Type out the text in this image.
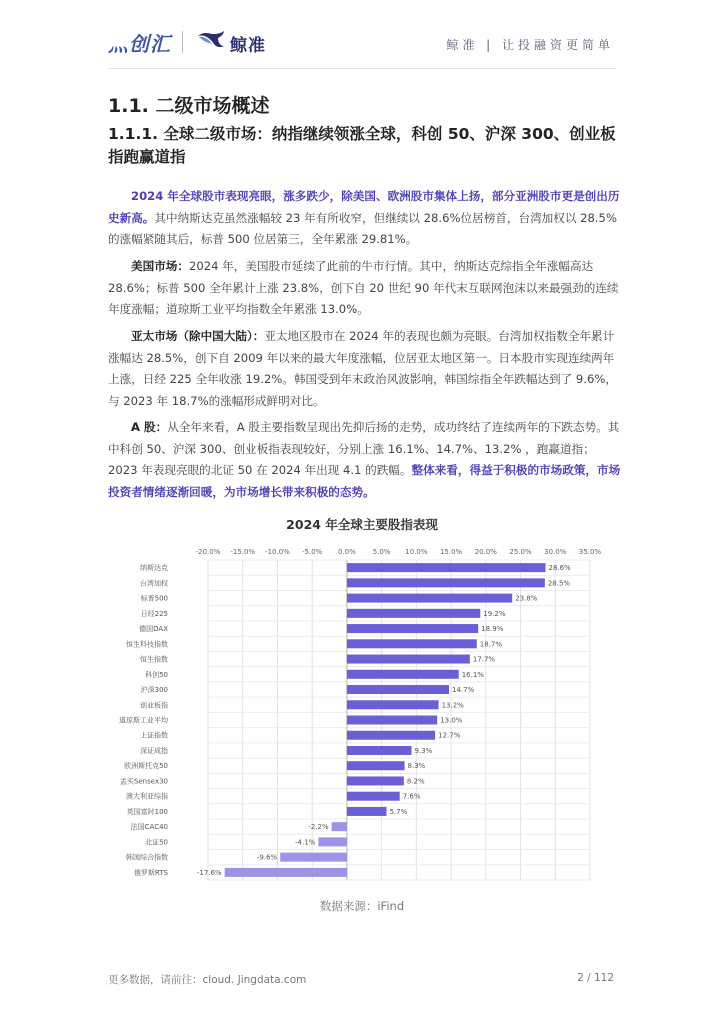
灬创汇	鲸准	鲸准 | 让投融资更简单
1.1. 二级市场概述
1.1.1. 全球二级市场：纳指继续领涨全球，科创 50、沪深 300、创业板指跑赢道指
2024 年全球股市表现亮眼，涨多跌少，除美国、欧洲股市集体上扬，部分亚洲股市更是创出历史新高。其中纳斯达克虽然涨幅较 23 年有所收窄，但继续以 28.6%位居榜首，台湾加权以 28.5%的涨幅紧随其后，标普 500 位居第三，全年累涨 29.81%。
美国市场：2024 年，美国股市延续了此前的牛市行情。其中，纳斯达克综指全年涨幅高达 28.6%；标普 500 全年累计上涨 23.8%，创下自 20 世纪 90 年代末互联网泡沫以来最强劲的连续年度涨幅；道琼斯工业平均指数全年累涨 13.0%。
亚太市场（除中国大陆）：亚太地区股市在 2024 年的表现也颇为亮眼。台湾加权指数全年累计涨幅达 28.5%，创下自 2009 年以来的最大年度涨幅，位居亚太地区第一。日本股市实现连续两年上涨，日经 225 全年收涨 19.2%。韩国受到年末政治风波影响，韩国综指全年跌幅达到了 9.6%，与 2023 年 18.7%的涨幅形成鲜明对比。
A 股：从全年来看，A 股主要指数呈现出先抑后扬的走势，成功终结了连续两年的下跌态势。其中科创 50、沪深 300、创业板指表现较好，分别上涨 16.1%、14.7%、13.2% ，跑赢道指；2023 年表现亮眼的北证 50 在 2024 年出现 4.1 的跌幅。整体来看，得益于积极的市场政策，市场投资者情绪逐渐回暖，为市场增长带来积极的态势。
2024 年全球主要股指表现
-20.0% -15.0% -10.0% -5.0% 0.0% 5.0% 10.0% 15.0% 20.0% 25.0% 30.0% 35.0%
纳斯达克	28.6%
台湾加权	28.5%
标普500	23.8%
日经225	19.2%
德国DAX	18.9%
恒生科技指数	18.7%
恒生指数	17.7%
科创50	16.1%
沪深300	14.7%
创业板指	13.2%
道琼斯工业平均	13.0%
上证指数	12.7%
深证成指	9.3%
欧洲斯托克50	8.3%
孟买Sensex30	8.2%
澳大利亚综指	7.6%
英国富时100	5.7%
法国CAC40	-2.2%
北证50	-4.1%
韩国综合指数	-9.6%
俄罗斯RTS	-17.6%
数据来源：iFind
更多数据，请前往：cloud. Jingdata.com	2 / 112
